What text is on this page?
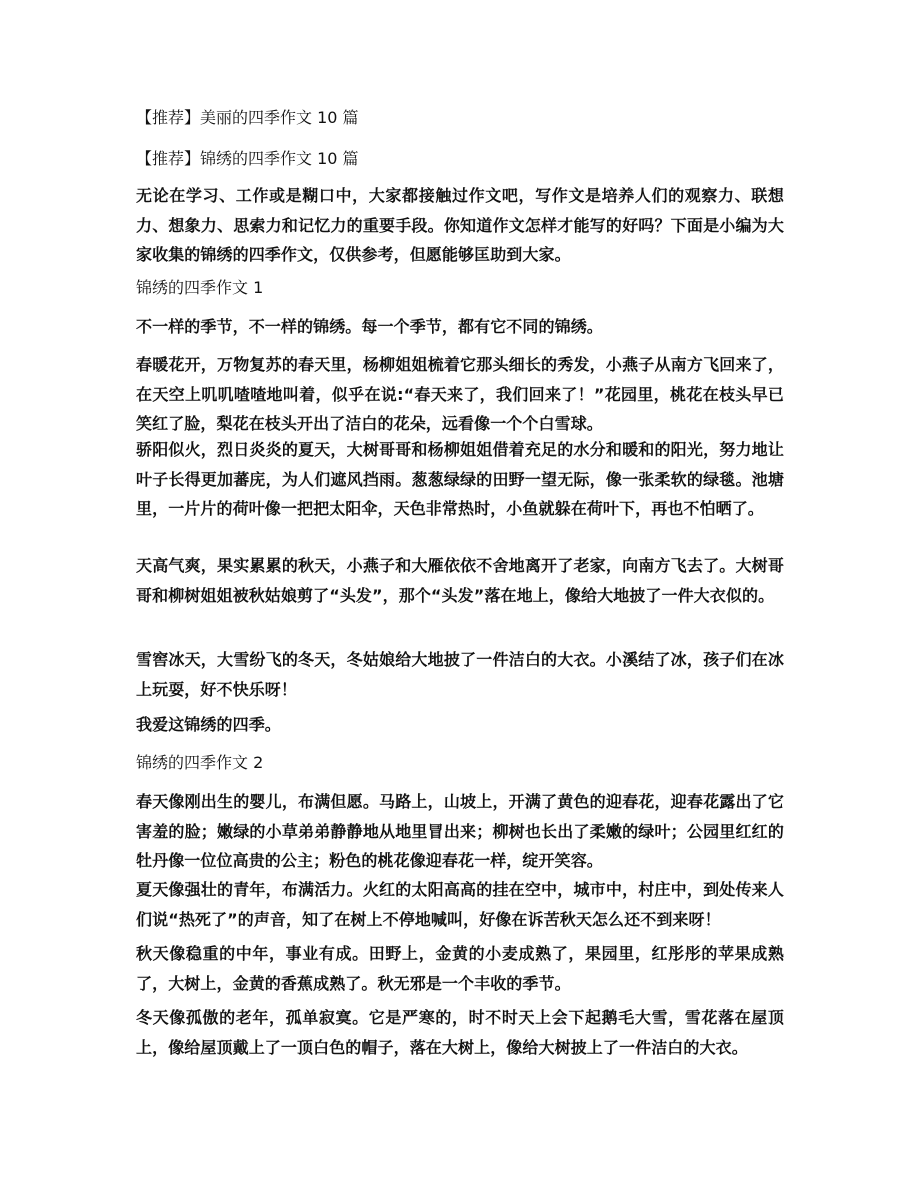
【推荐】美丽的四季作文 10 篇
【推荐】锦绣的四季作文 10 篇
无论在学习、工作或是糊口中，大家都接触过作文吧，写作文是培养人们的观察力、联想力、想象力、思索力和记忆力的重要手段。你知道作文怎样才能写的好吗？下面是小编为大家收集的锦绣的四季作文，仅供参考，但愿能够匡助到大家。
锦绣的四季作文 1
不一样的季节，不一样的锦绣。每一个季节，都有它不同的锦绣。
春暖花开，万物复苏的春天里，杨柳姐姐梳着它那头细长的秀发，小燕子从南方飞回来了，在天空上叽叽喳喳地叫着，似乎在说:“春天来了，我们回来了！”花园里，桃花在枝头早已笑红了脸，梨花在枝头开出了洁白的花朵，远看像一个个白雪球。
骄阳似火，烈日炎炎的夏天，大树哥哥和杨柳姐姐借着充足的水分和暖和的阳光，努力地让叶子长得更加蕃庑，为人们遮风挡雨。葱葱绿绿的田野一望无际，像一张柔软的绿毯。池塘里，一片片的荷叶像一把把太阳伞，天色非常热时，小鱼就躲在荷叶下，再也不怕晒了。
天高气爽，果实累累的秋天，小燕子和大雁依依不舍地离开了老家，向南方飞去了。大树哥哥和柳树姐姐被秋姑娘剪了“头发”，那个“头发”落在地上，像给大地披了一件大衣似的。
雪窖冰天，大雪纷飞的冬天，冬姑娘给大地披了一件洁白的大衣。小溪结了冰，孩子们在冰上玩耍，好不快乐呀！
我爱这锦绣的四季。
锦绣的四季作文 2
春天像刚出生的婴儿，布满但愿。马路上，山坡上，开满了黄色的迎春花，迎春花露出了它害羞的脸；嫩绿的小草弟弟静静地从地里冒出来；柳树也长出了柔嫩的绿叶；公园里红红的牡丹像一位位高贵的公主；粉色的桃花像迎春花一样，绽开笑容。
夏天像强壮的青年，布满活力。火红的太阳高高的挂在空中，城市中，村庄中，到处传来人们说“热死了”的声音，知了在树上不停地喊叫，好像在诉苦秋天怎么还不到来呀！
秋天像稳重的中年，事业有成。田野上，金黄的小麦成熟了，果园里，红彤彤的苹果成熟了，大树上，金黄的香蕉成熟了。秋无邪是一个丰收的季节。
冬天像孤傲的老年，孤单寂寞。它是严寒的，时不时天上会下起鹅毛大雪，雪花落在屋顶上，像给屋顶戴上了一顶白色的帽子，落在大树上，像给大树披上了一件洁白的大衣。
